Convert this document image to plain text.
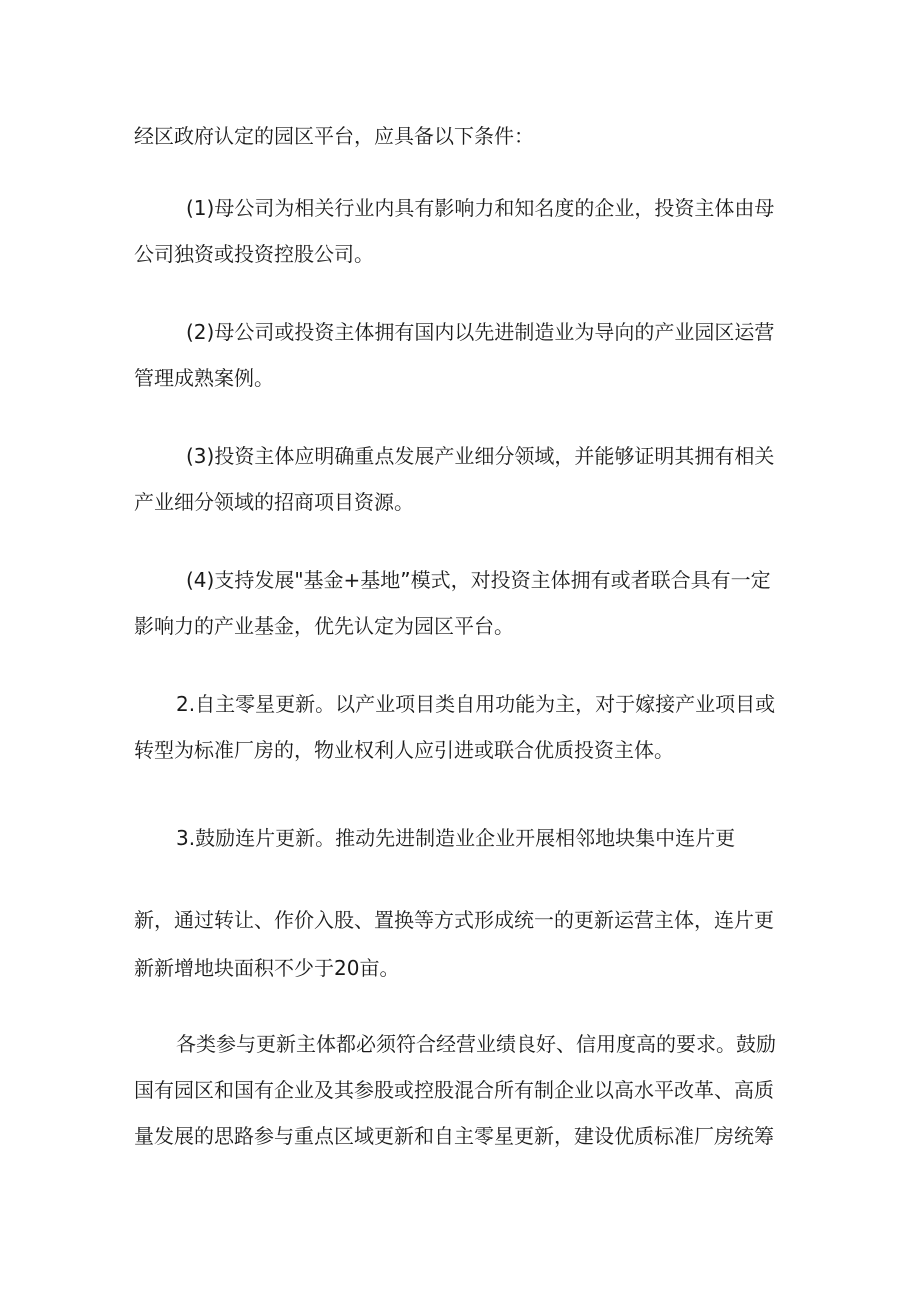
经区政府认定的园区平台，应具备以下条件：
(1)母公司为相关行业内具有影响力和知名度的企业，投资主体由母
公司独资或投资控股公司。
(2)母公司或投资主体拥有国内以先进制造业为导向的产业园区运营
管理成熟案例。
(3)投资主体应明确重点发展产业细分领域，并能够证明其拥有相关
产业细分领域的招商项目资源。
(4)支持发展"基金+基地”模式，对投资主体拥有或者联合具有一定
影响力的产业基金，优先认定为园区平台。
2.自主零星更新。以产业项目类自用功能为主，对于嫁接产业项目或
转型为标准厂房的，物业权利人应引进或联合优质投资主体。
3.鼓励连片更新。推动先进制造业企业开展相邻地块集中连片更
新，通过转让、作价入股、置换等方式形成统一的更新运营主体，连片更
新新增地块面积不少于20亩。
各类参与更新主体都必须符合经营业绩良好、信用度高的要求。鼓励
国有园区和国有企业及其参股或控股混合所有制企业以高水平改革、高质
量发展的思路参与重点区域更新和自主零星更新，建设优质标准厂房统筹
